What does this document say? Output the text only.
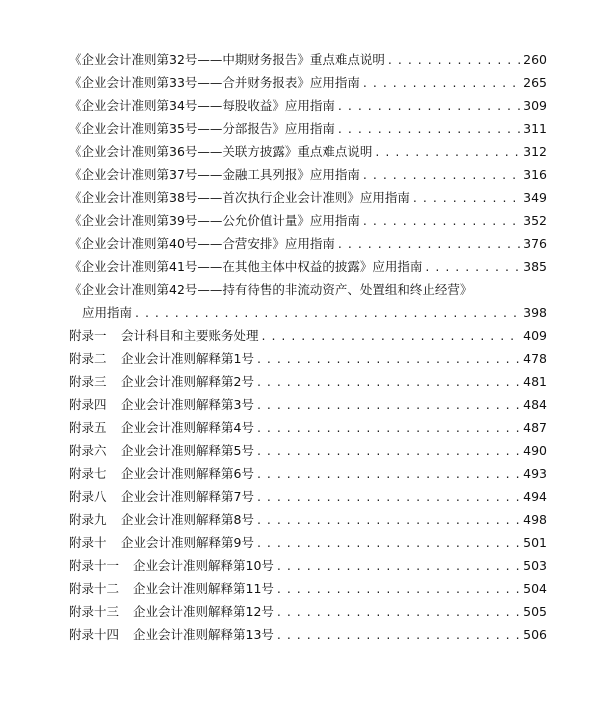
《企业会计准则第32号——中期财务报告》重点难点说明 . . .	260
《企业会计准则第33号——合并财务报表》应用指南 . . .	265
《企业会计准则第34号——每股收益》应用指南 . . .	309
《企业会计准则第35号——分部报告》应用指南 . . .	311
《企业会计准则第36号——关联方披露》重点难点说明 . . .	312
《企业会计准则第37号——金融工具列报》应用指南 . . .	316
《企业会计准则第38号——首次执行企业会计准则》应用指南 . . .	349
《企业会计准则第39号——公允价值计量》应用指南 . . .	352
《企业会计准则第40号——合营安排》应用指南 . . .	376
《企业会计准则第41号——在其他主体中权益的披露》应用指南 . . .	385
《企业会计准则第42号——持有待售的非流动资产、处置组和终止经营》
应用指南 . . .	398
附录一 会计科目和主要账务处理 . . .	409
附录二 企业会计准则解释第1号 . . .	478
附录三 企业会计准则解释第2号 . . .	481
附录四 企业会计准则解释第3号 . . .	484
附录五 企业会计准则解释第4号 . . .	487
附录六 企业会计准则解释第5号 . . .	490
附录七 企业会计准则解释第6号 . . .	493
附录八 企业会计准则解释第7号 . . .	494
附录九 企业会计准则解释第8号 . . .	498
附录十 企业会计准则解释第9号 . . .	501
附录十一 企业会计准则解释第10号 . . .	503
附录十二 企业会计准则解释第11号 . . .	504
附录十三 企业会计准则解释第12号 . . .	505
附录十四 企业会计准则解释第13号 . . .	506
